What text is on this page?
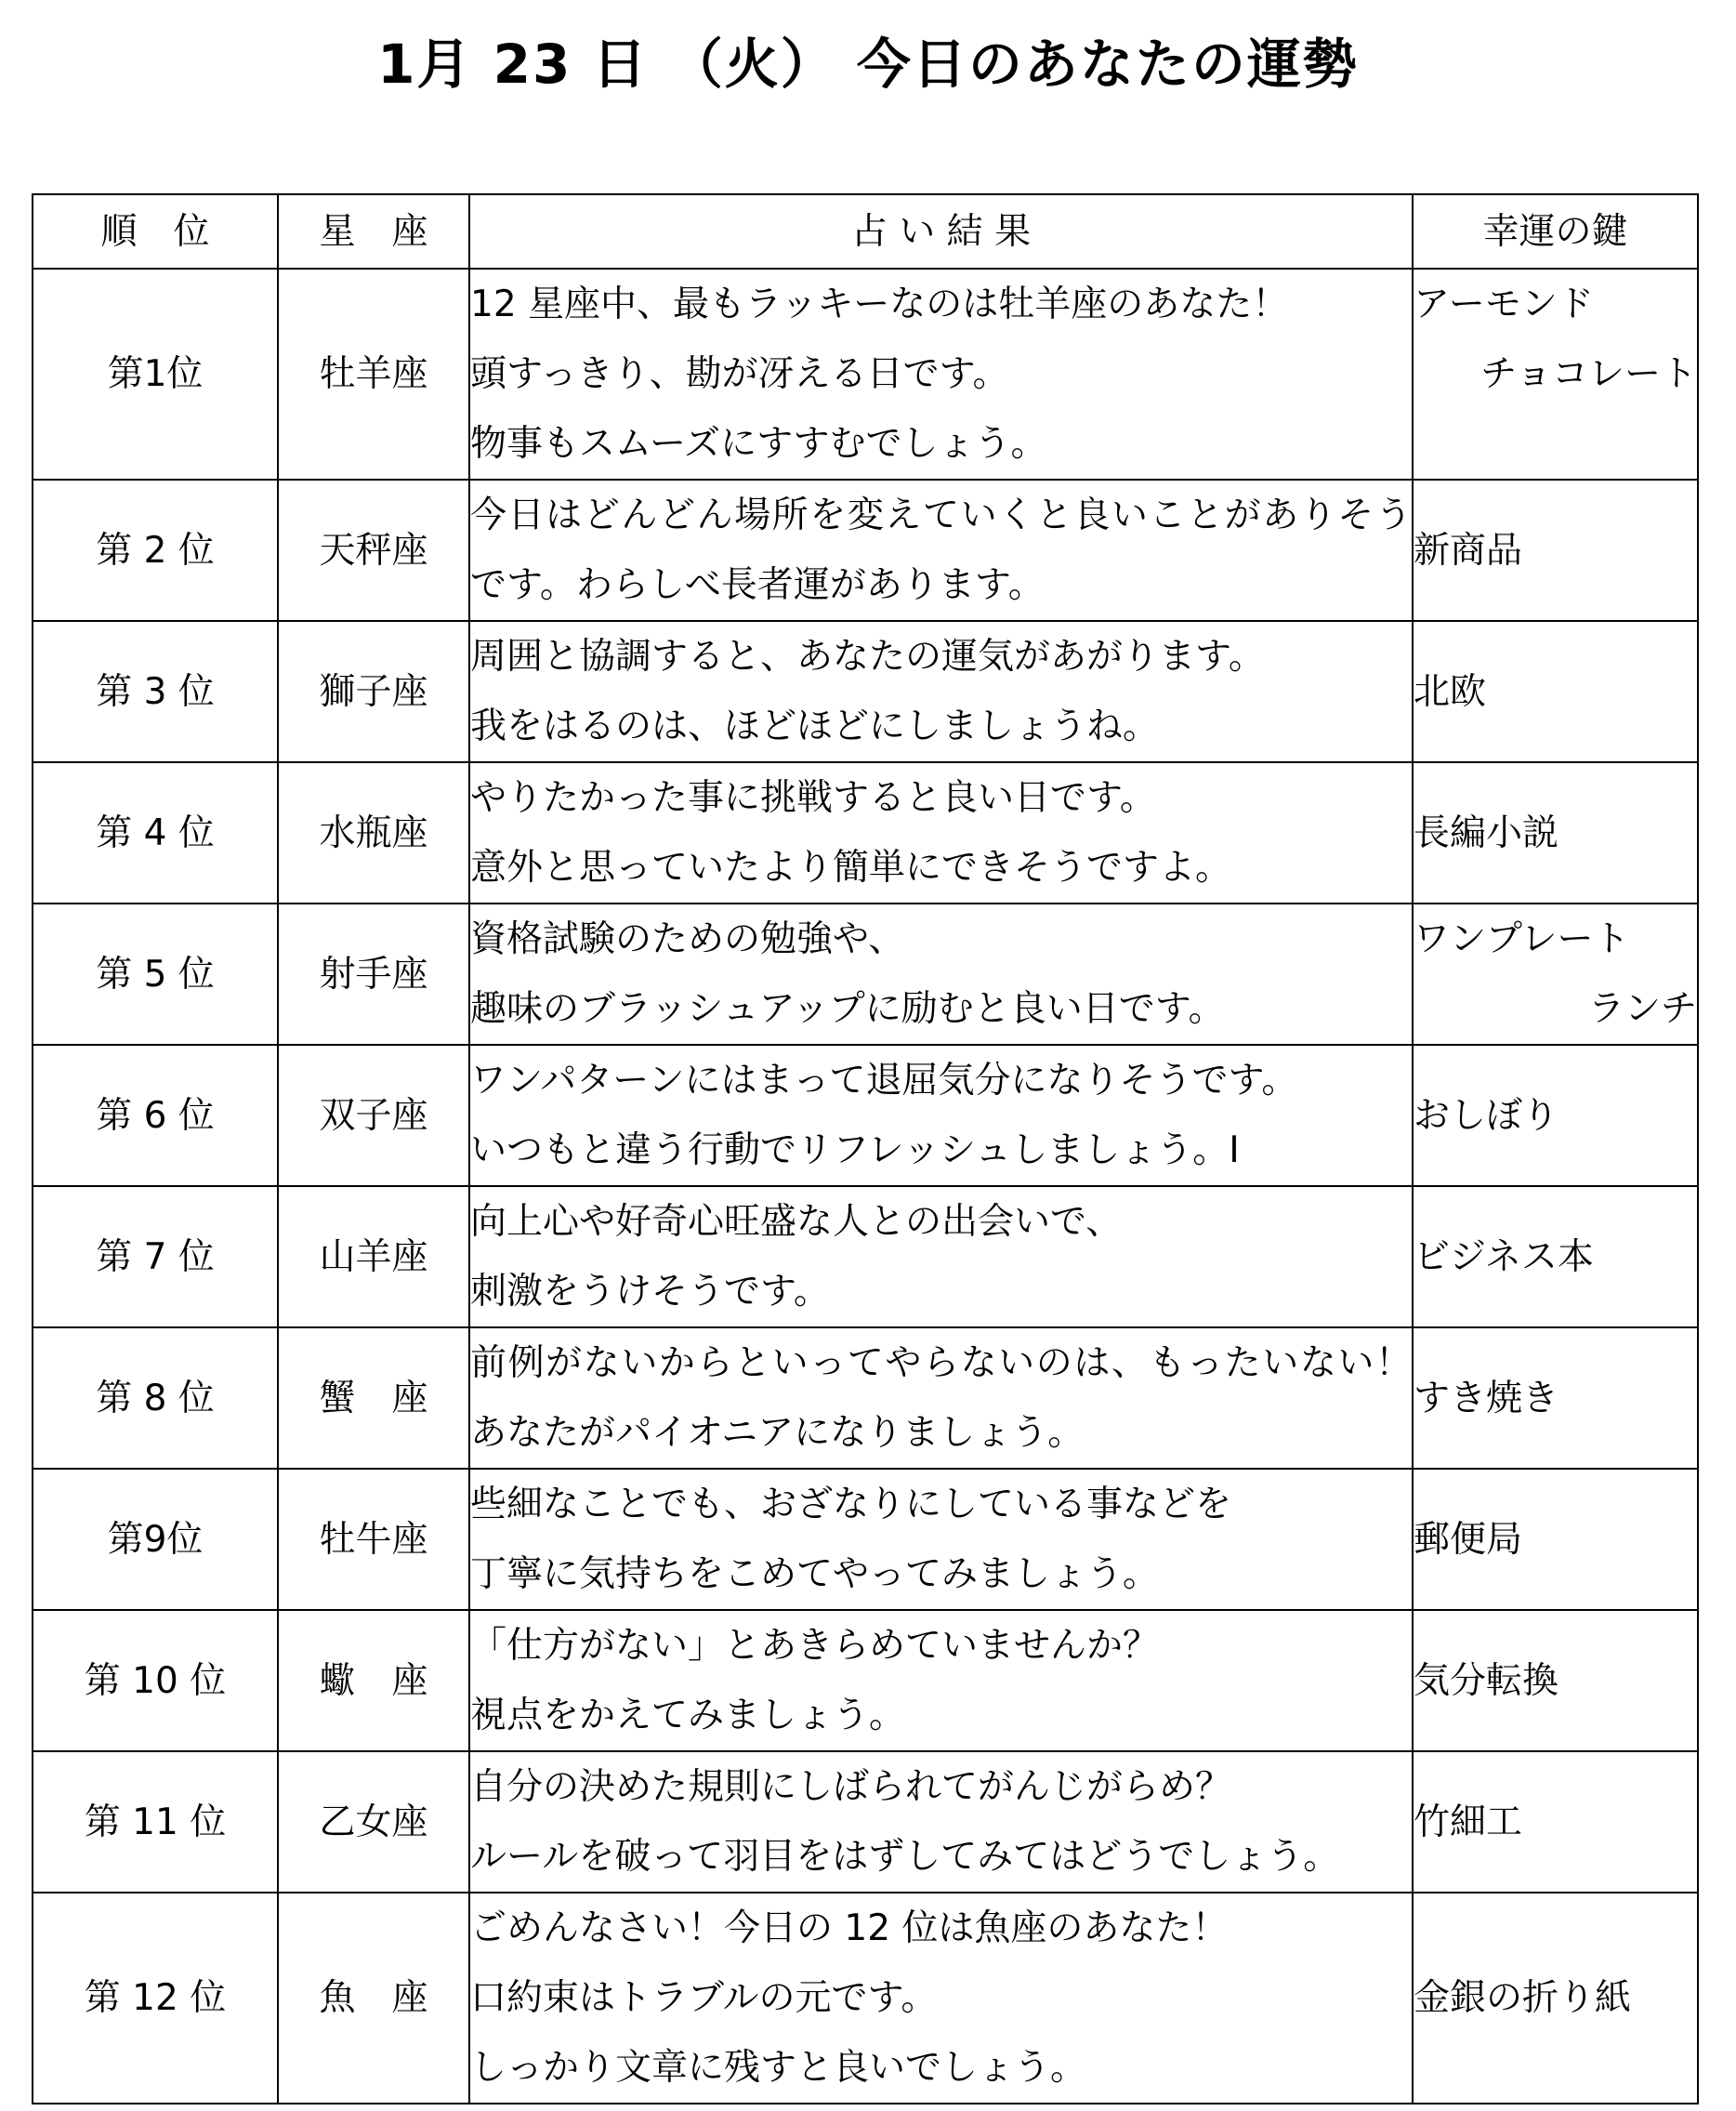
1月 23 日 （火） 今日のあなたの運勢
順　位	星　座	占 い 結 果	幸運の鍵
第1位	牡羊座	12 星座中、最もラッキーなのは牡羊座のあなた！
頭すっきり、勘が冴える日です。
物事もスムーズにすすむでしょう。	アーモンド
チョコレート

第 2 位	天秤座	今日はどんどん場所を変えていくと良いことがありそうです。わらしべ長者運があります。	新商品

第 3 位	獅子座	周囲と協調すると、あなたの運気があがります。
我をはるのは、ほどほどにしましょうね。	北欧

第 4 位	水瓶座	やりたかった事に挑戦すると良い日です。
意外と思っていたより簡単にできそうですよ。	長編小説

第 5 位	射手座	資格試験のための勉強や、
趣味のブラッシュアップに励むと良い日です。	ワンプレート
ランチ

第 6 位	双子座	ワンパターンにはまって退屈気分になりそうです。
いつもと違う行動でリフレッシュしましょう。I	おしぼり

第 7 位	山羊座	向上心や好奇心旺盛な人との出会いで、
刺激をうけそうです。	ビジネス本

第 8 位	蟹　座	前例がないからといってやらないのは、もったいない！あなたがパイオニアになりましょう。	すき焼き

第9位	牡牛座	些細なことでも、おざなりにしている事などを
丁寧に気持ちをこめてやってみましょう。	郵便局

第 10 位	蠍　座	「仕方がない」とあきらめていませんか？
視点をかえてみましょう。	気分転換

第 11 位	乙女座	自分の決めた規則にしばられてがんじがらめ？
ルールを破って羽目をはずしてみてはどうでしょう。	竹細工

第 12 位	魚　座	ごめんなさい！今日の 12 位は魚座のあなた！
口約束はトラブルの元です。
しっかり文章に残すと良いでしょう。	金銀の折り紙
